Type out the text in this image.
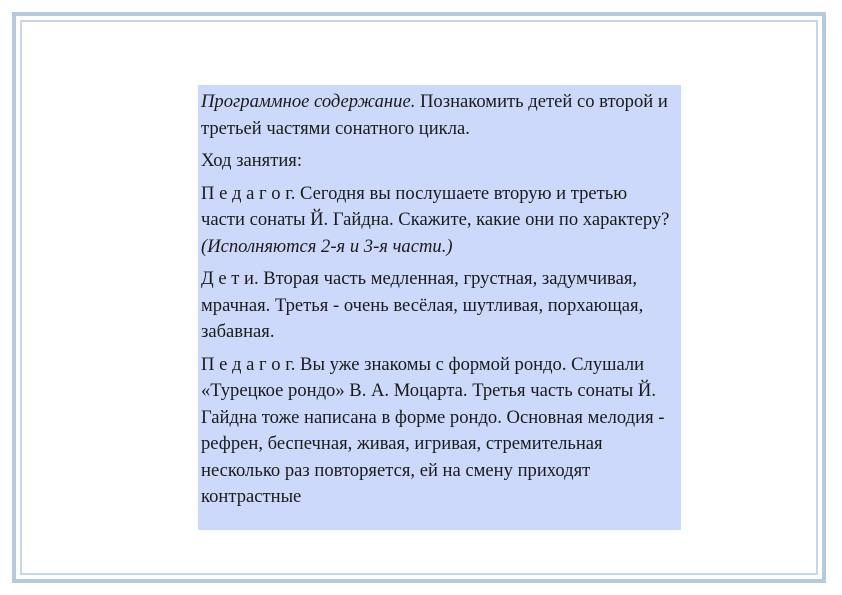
Программное содержание. Познакомить детей со второй и третьей частями сонатного цикла.

Ход занятия:

П е д а г о г. Сегодня вы послушаете вторую и третью части сонаты Й. Гайдна. Скажите, какие они по характеру? (Исполняются 2-я и 3-я части.)

Д е т и. Вторая часть медленная, грустная, задумчивая, мрачная. Третья - очень весёлая, шутливая, порхающая, забавная.

П е д а г о г. Вы уже знакомы с формой рондо. Слушали «Турецкое рондо» В. А. Моцарта. Третья часть сонаты Й. Гайдна тоже написана в форме рондо. Основная мелодия - рефрен, беспечная, живая, игривая, стремительная несколько раз повторяется, ей на смену приходят контрастные
